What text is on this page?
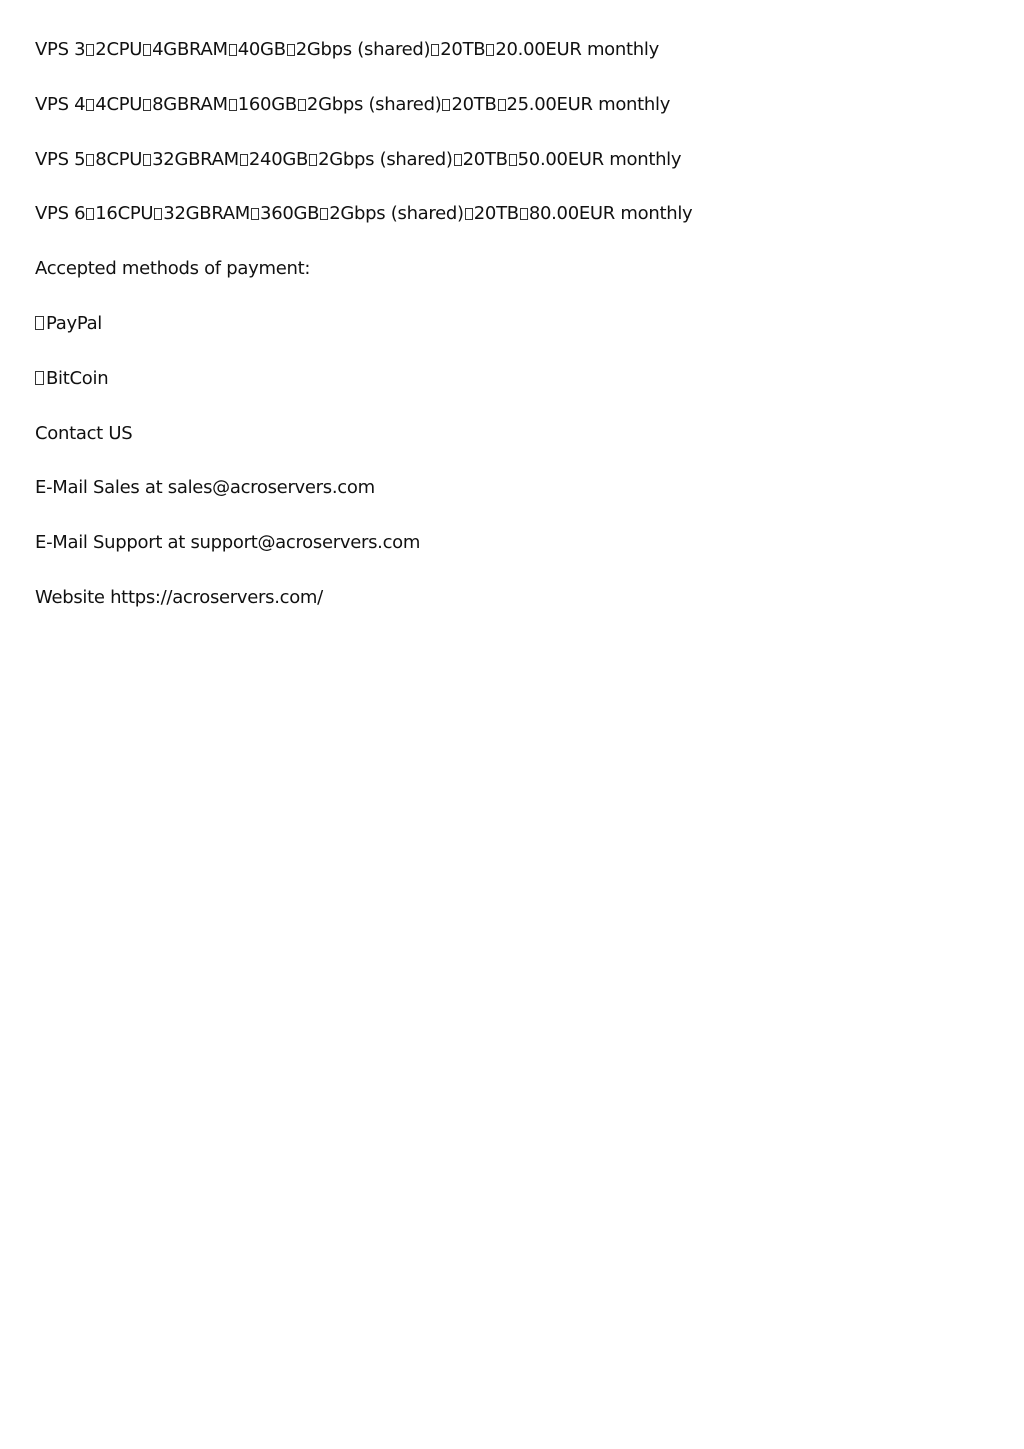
VPS 3 2CPU 4GBRAM 40GB 2Gbps (shared) 20TB 20.00EUR monthly
VPS 4 4CPU 8GBRAM 160GB 2Gbps (shared) 20TB 25.00EUR monthly
VPS 5 8CPU 32GBRAM 240GB 2Gbps (shared) 20TB 50.00EUR monthly
VPS 6 16CPU 32GBRAM 360GB 2Gbps (shared) 20TB 80.00EUR monthly
Accepted methods of payment:
PayPal
BitCoin
Contact US
E-Mail Sales at sales@acroservers.com
E-Mail Support at support@acroservers.com
Website https://acroservers.com/
